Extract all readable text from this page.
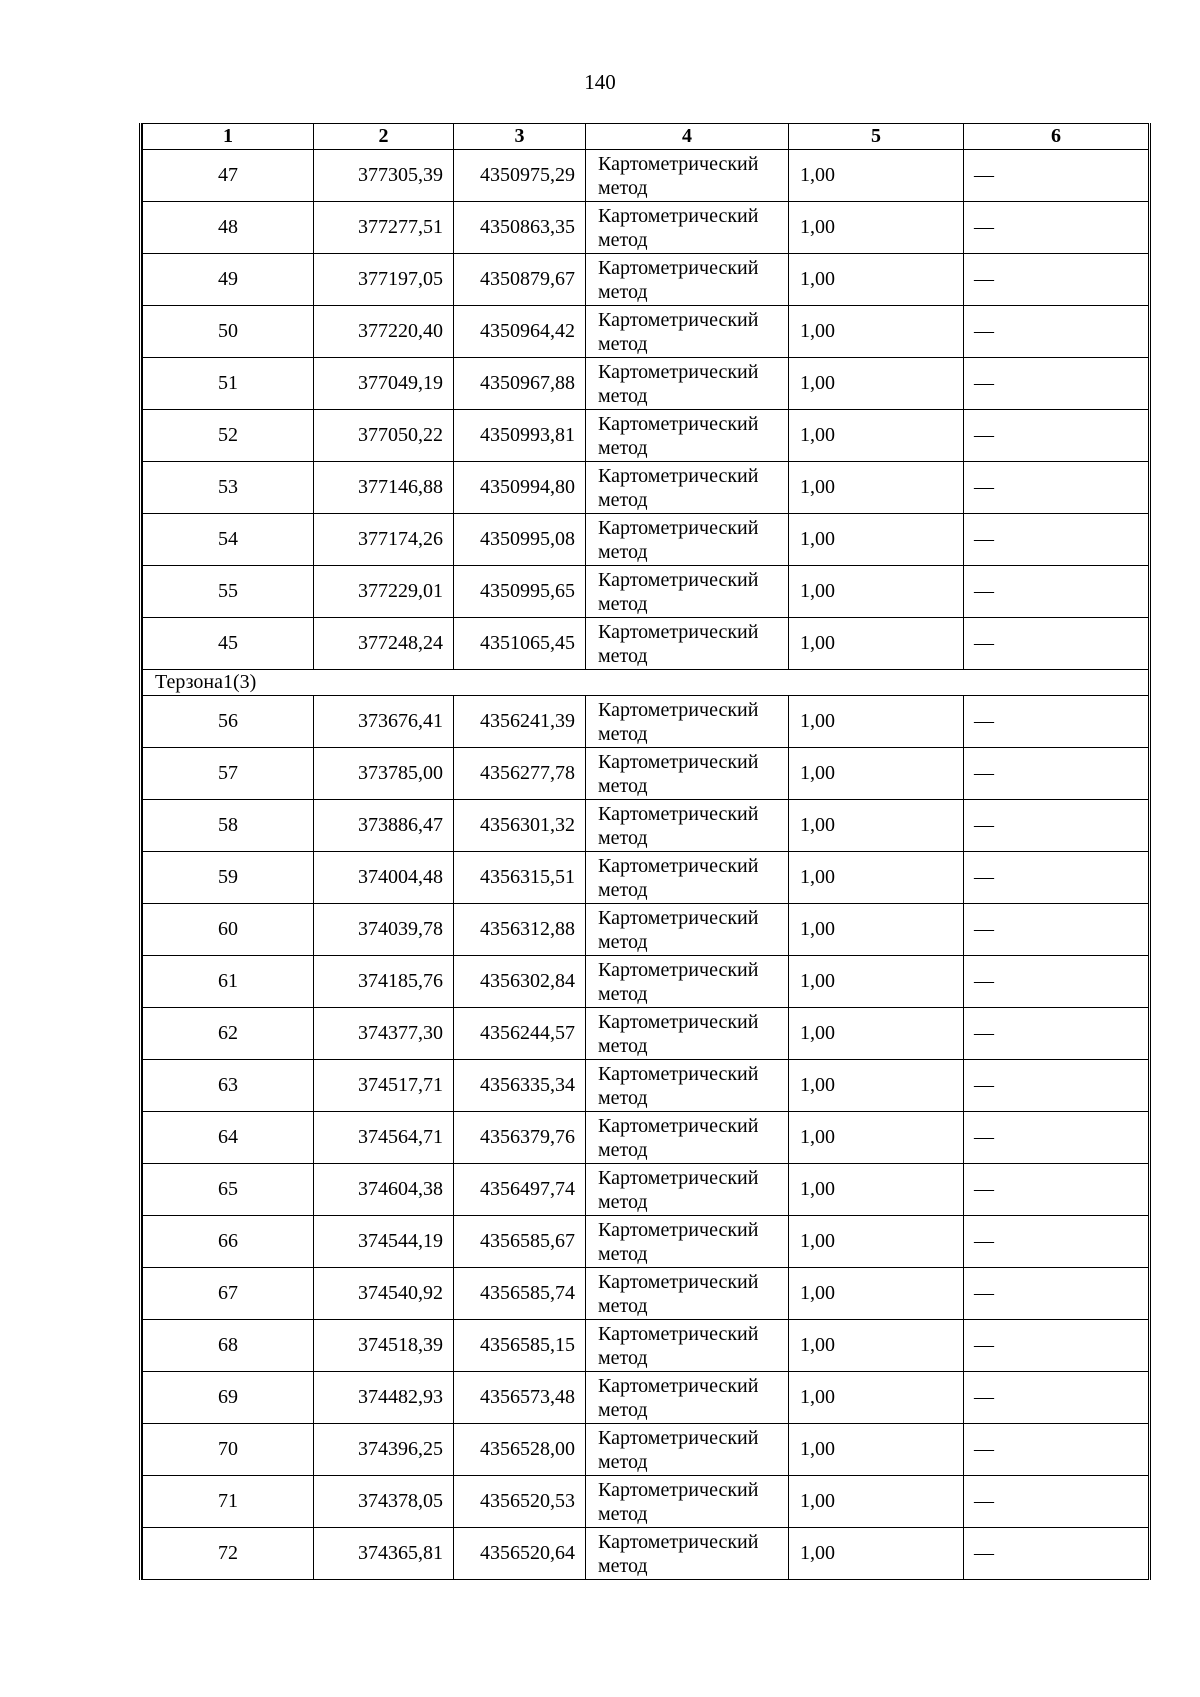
140
1	2	3	4	5	6
47	377305,39	4350975,29	Картометрический метод	1,00	—
48	377277,51	4350863,35	Картометрический метод	1,00	—
49	377197,05	4350879,67	Картометрический метод	1,00	—
50	377220,40	4350964,42	Картометрический метод	1,00	—
51	377049,19	4350967,88	Картометрический метод	1,00	—
52	377050,22	4350993,81	Картометрический метод	1,00	—
53	377146,88	4350994,80	Картометрический метод	1,00	—
54	377174,26	4350995,08	Картометрический метод	1,00	—
55	377229,01	4350995,65	Картометрический метод	1,00	—
45	377248,24	4351065,45	Картометрический метод	1,00	—
Терзона1(3)					
56	373676,41	4356241,39	Картометрический метод	1,00	—
57	373785,00	4356277,78	Картометрический метод	1,00	—
58	373886,47	4356301,32	Картометрический метод	1,00	—
59	374004,48	4356315,51	Картометрический метод	1,00	—
60	374039,78	4356312,88	Картометрический метод	1,00	—
61	374185,76	4356302,84	Картометрический метод	1,00	—
62	374377,30	4356244,57	Картометрический метод	1,00	—
63	374517,71	4356335,34	Картометрический метод	1,00	—
64	374564,71	4356379,76	Картометрический метод	1,00	—
65	374604,38	4356497,74	Картометрический метод	1,00	—
66	374544,19	4356585,67	Картометрический метод	1,00	—
67	374540,92	4356585,74	Картометрический метод	1,00	—
68	374518,39	4356585,15	Картометрический метод	1,00	—
69	374482,93	4356573,48	Картометрический метод	1,00	—
70	374396,25	4356528,00	Картометрический метод	1,00	—
71	374378,05	4356520,53	Картометрический метод	1,00	—
72	374365,81	4356520,64	Картометрический метод	1,00	—
